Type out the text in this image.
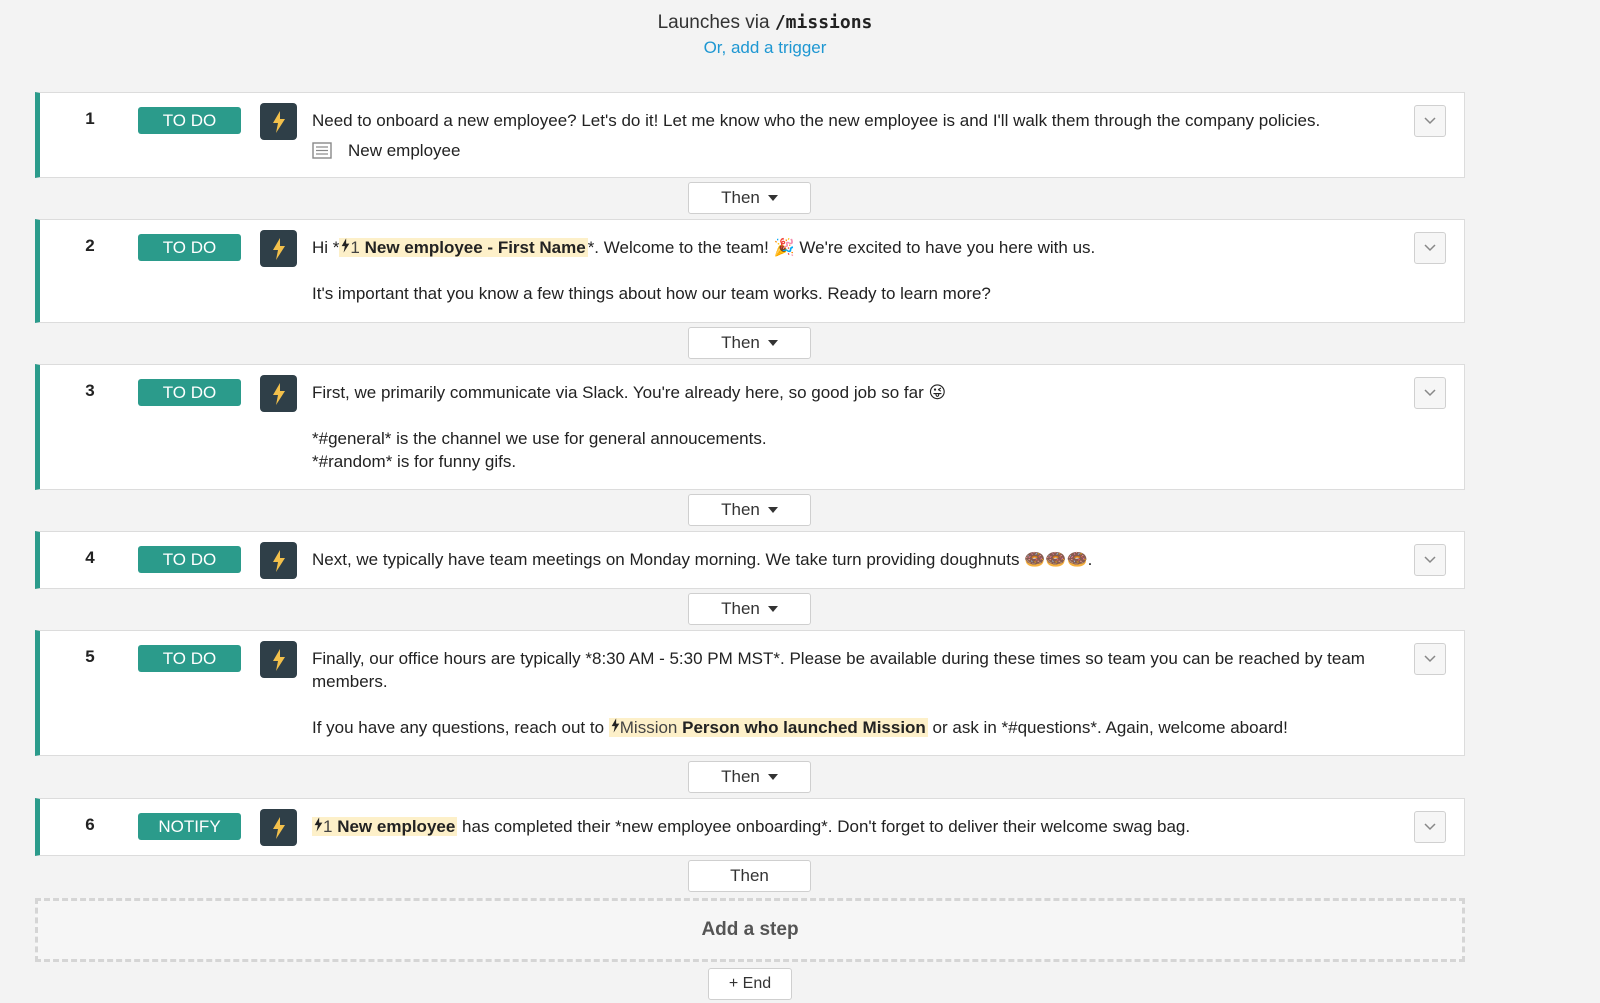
Launches via /missions
Or, add a trigger
1	TO DO	Need to onboard a new employee? Let's do it! Let me know who the new employee is and I'll walk them through the company policies.

New employee
Then
2	TO DO	Hi * 1 New employee - First Name *. Welcome to the team! 🎉 We're excited to have you here with us.

It's important that you know a few things about how our team works. Ready to learn more?

Then
3	TO DO	First, we primarily communicate via Slack. You're already here, so good job so far 😜

*#general* is the channel we use for general annoucements.

*#random* is for funny gifs.

Then
4	TO DO	Next, we typically have team meetings on Monday morning. We take turn providing doughnuts 🍩🍩🍩.

Then
5	TO DO	Finally, our office hours are typically *8:30 AM - 5:30 PM MST*. Please be available during these times so team you can be reached by team members.

If you have any questions, reach out to Mission Person who launched Mission or ask in *#questions*. Again, welcome aboard!

Then
6	NOTIFY	1 New employee has completed their *new employee onboarding*. Don't forget to deliver their welcome swag bag.

Then
Add a step
+ End
